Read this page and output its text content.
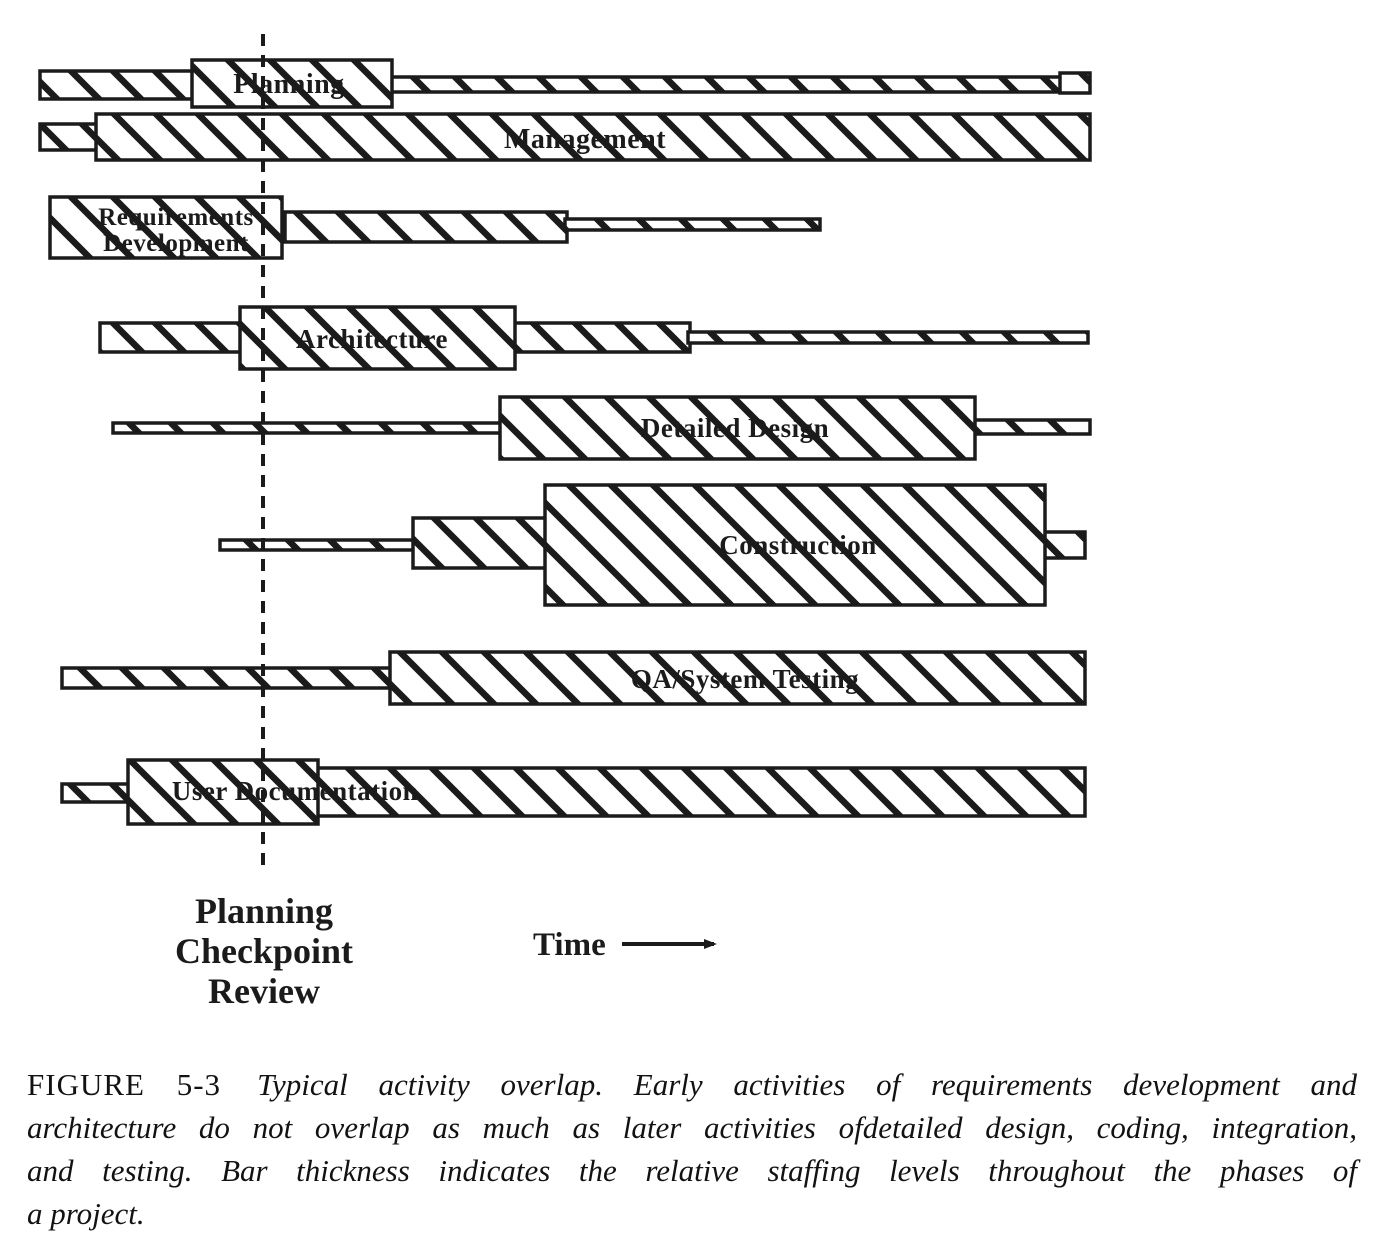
Planning
Management
Requirements
Development
Architecture
Detailed Design
Construction
QA/System Testing
User Documentation
Planning
Checkpoint
Review
Time
FIGURE 5-3 Typical activity overlap. Early activities of requirements development and
architecture do not overlap as much as later activities ofdetailed design, coding, integration,
and testing. Bar thickness indicates the relative staffing levels throughout the phases of
a project.
